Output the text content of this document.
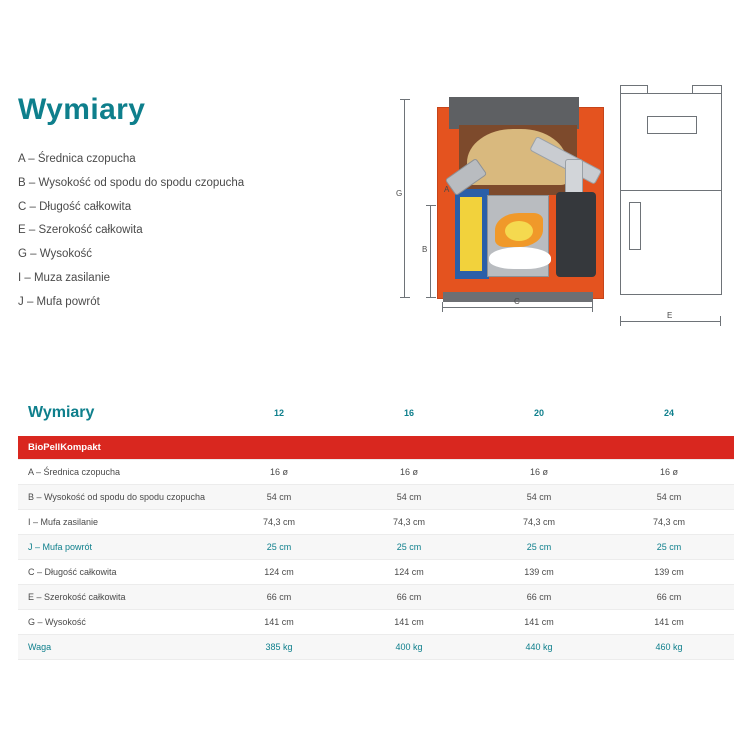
Wymiary
A – Średnica czopucha
B – Wysokość od spodu do spodu czopucha
C – Długość całkowita
E – Szerokość całkowita
G – Wysokość
I – Muza zasilanie
J – Mufa powrót
G
B
A
C
E
Wymiary	12	16	20	24
BioPellKompakt				
A – Średnica czopucha	16 ø	16 ø	16 ø	16 ø
B – Wysokość od spodu do spodu czopucha	54 cm	54 cm	54 cm	54 cm
I – Mufa zasilanie	74,3 cm	74,3 cm	74,3 cm	74,3 cm
J – Mufa powrót	25 cm	25 cm	25 cm	25 cm
C – Długość całkowita	124 cm	124 cm	139 cm	139 cm
E – Szerokość całkowita	66 cm	66 cm	66 cm	66 cm
G – Wysokość	141 cm	141 cm	141 cm	141 cm
Waga	385 kg	400 kg	440 kg	460 kg
